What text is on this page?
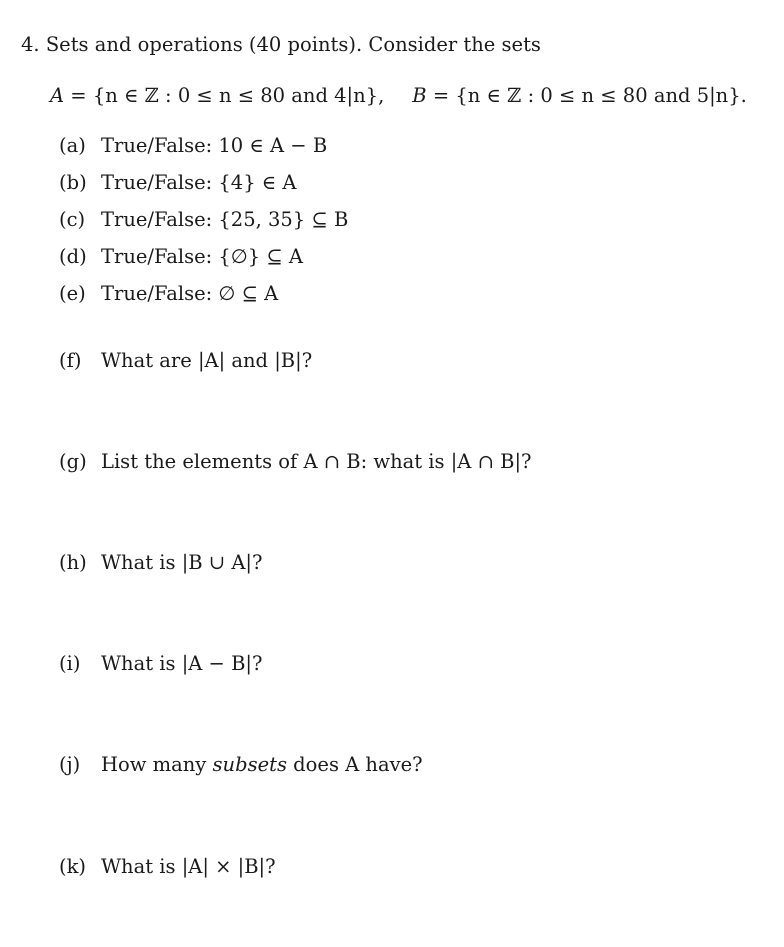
4. Sets and operations (40 points). Consider the sets
A = {n ∈ ℤ : 0 ≤ n ≤ 80 and 4|n}, B = {n ∈ ℤ : 0 ≤ n ≤ 80 and 5|n}.
(a) True/False: 10 ∈ A − B
(b) True/False: {4} ∈ A
(c) True/False: {25, 35} ⊆ B
(d) True/False: {∅} ⊆ A
(e) True/False: ∅ ⊆ A
(f) What are |A| and |B|?
(g) List the elements of A ∩ B: what is |A ∩ B|?
(h) What is |B ∪ A|?
(i) What is |A − B|?
(j) How many subsets does A have?
(k) What is |A| × |B|?
